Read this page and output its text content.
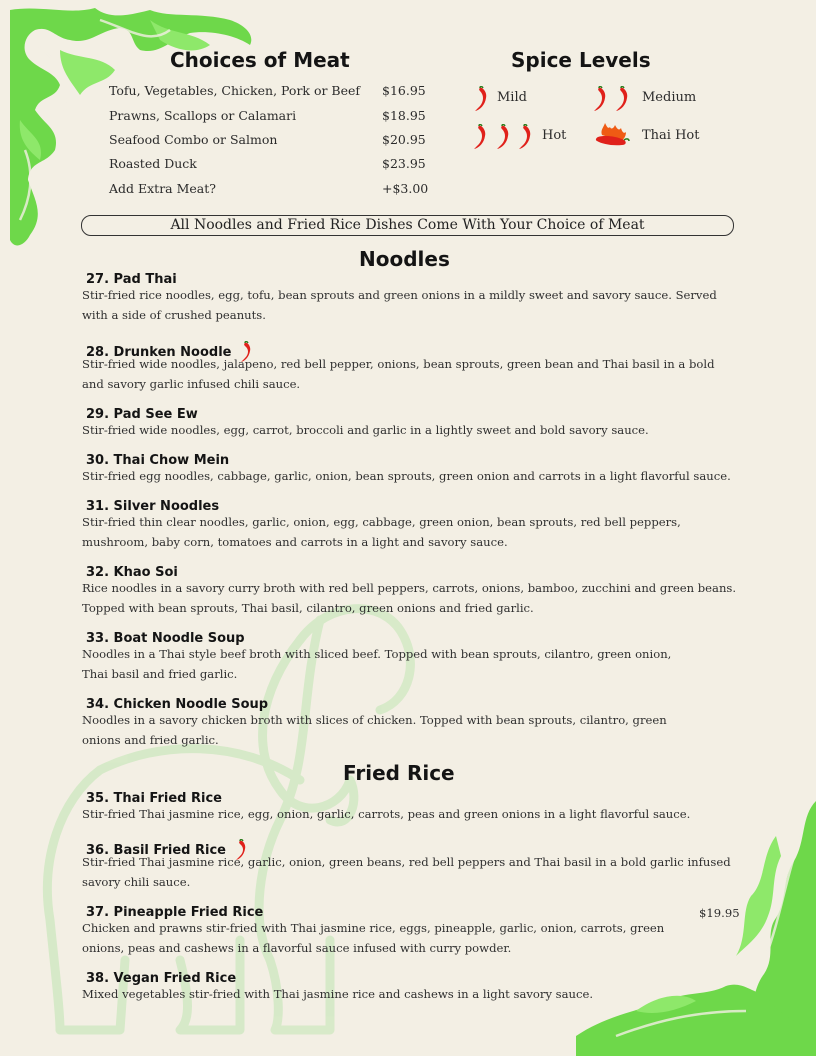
Choices of Meat
Tofu, Vegetables, Chicken, Pork or Beef $16.95
Prawns, Scallops or Calamari	$18.95
Seafood Combo or Salmon	$20.95
Roasted Duck	$23.95
Add Extra Meat?	+$3.00
Spice Levels
Mild	Medium
Hot	Thai Hot
All Noodles and Fried Rice Dishes Come With Your Choice of Meat
Noodles
27. Pad Thai
Stir-fried rice noodles, egg, tofu, bean sprouts and green onions in a mildly sweet and savory sauce. Served
with a side of crushed peanuts.
28. Drunken Noodle
Stir-fried wide noodles, jalapeno, red bell pepper, onions, bean sprouts, green bean and Thai basil in a bold
and savory garlic infused chili sauce.
29. Pad See Ew
Stir-fried wide noodles, egg, carrot, broccoli and garlic in a lightly sweet and bold savory sauce.
30. Thai Chow Mein
Stir-fried egg noodles, cabbage, garlic, onion, bean sprouts, green onion and carrots in a light flavorful sauce.
31. Silver Noodles
Stir-fried thin clear noodles, garlic, onion, egg, cabbage, green onion, bean sprouts, red bell peppers,
mushroom, baby corn, tomatoes and carrots in a light and savory sauce.
32. Khao Soi
Rice noodles in a savory curry broth with red bell peppers, carrots, onions, bamboo, zucchini and green beans.
Topped with bean sprouts, Thai basil, cilantro, green onions and fried garlic.
33. Boat Noodle Soup
Noodles in a Thai style beef broth with sliced beef. Topped with bean sprouts, cilantro, green onion,
Thai basil and fried garlic.
34. Chicken Noodle Soup
Noodles in a savory chicken broth with slices of chicken. Topped with bean sprouts, cilantro, green
onions and fried garlic.
Fried Rice
35. Thai Fried Rice
Stir-fried Thai jasmine rice, egg, onion, garlic, carrots, peas and green onions in a light flavorful sauce.
36. Basil Fried Rice
Stir-fried Thai jasmine rice, garlic, onion, green beans, red bell peppers and Thai basil in a bold garlic infused
savory chili sauce.
37. Pineapple Fried Rice	$19.95
Chicken and prawns stir-fried with Thai jasmine rice, eggs, pineapple, garlic, onion, carrots, green
onions, peas and cashews in a flavorful sauce infused with curry powder.
38. Vegan Fried Rice
Mixed vegetables stir-fried with Thai jasmine rice and cashews in a light savory sauce.
